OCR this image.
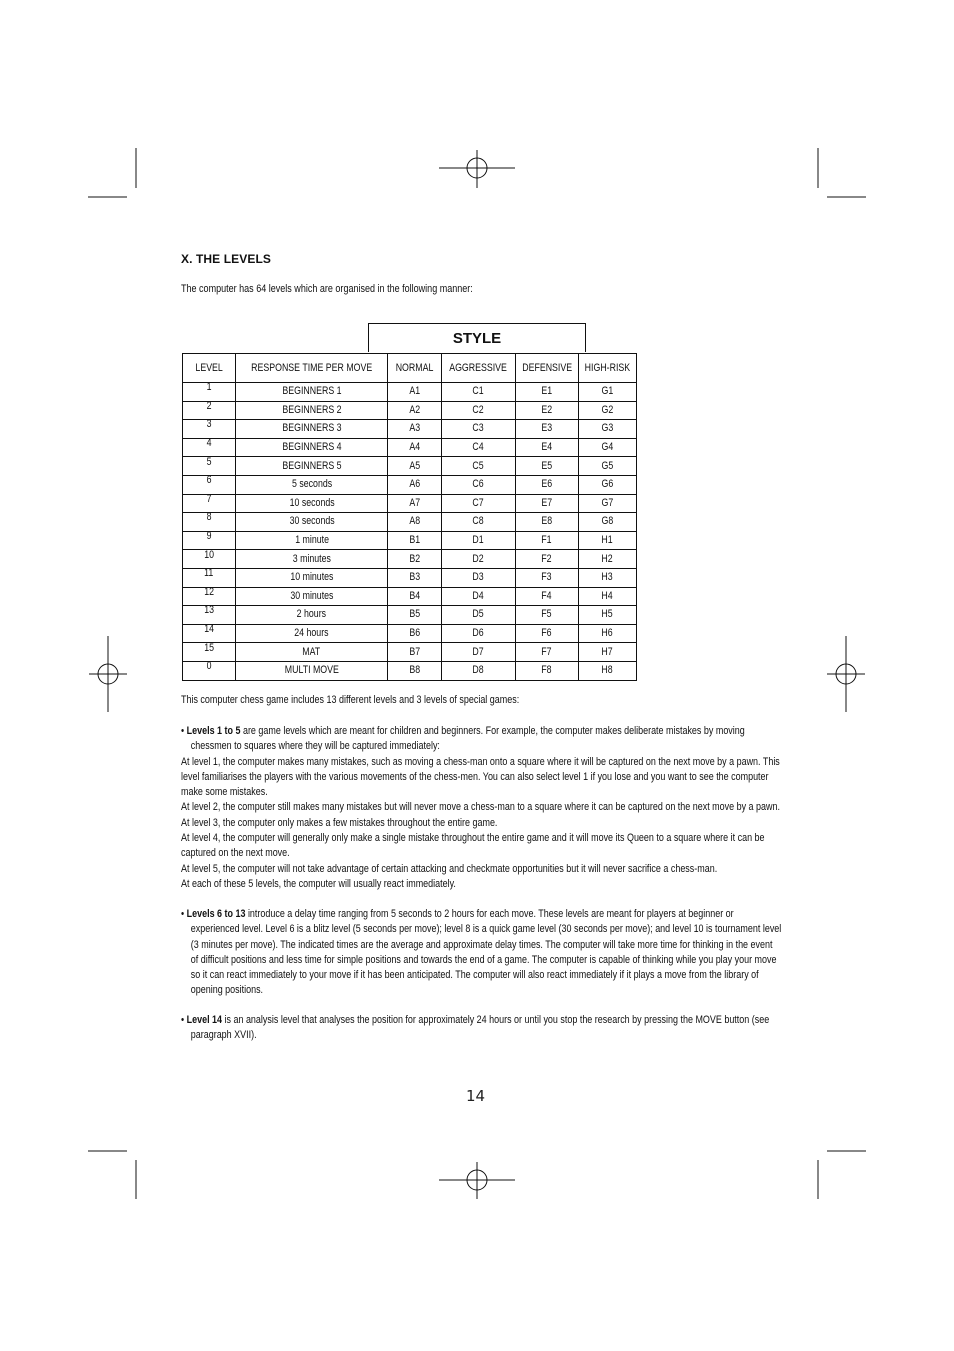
X. THE LEVELS
The computer has 64 levels which are organised in the following manner:
STYLE
LEVEL	RESPONSE TIME PER MOVE	NORMAL	AGGRESSIVE	DEFENSIVE	HIGH-RISK
1	BEGINNERS 1	A1	C1	E1	G1
2	BEGINNERS 2	A2	C2	E2	G2
3	BEGINNERS 3	A3	C3	E3	G3
4	BEGINNERS 4	A4	C4	E4	G4
5	BEGINNERS 5	A5	C5	E5	G5
6	5 seconds	A6	C6	E6	G6
7	10 seconds	A7	C7	E7	G7
8	30 seconds	A8	C8	E8	G8
9	1 minute	B1	D1	F1	H1
10	3 minutes	B2	D2	F2	H2
11	10 minutes	B3	D3	F3	H3
12	30 minutes	B4	D4	F4	H4
13	2 hours	B5	D5	F5	H5
14	24 hours	B6	D6	F6	H6
15	MAT	B7	D7	F7	H7
0	MULTI MOVE	B8	D8	F8	H8

This computer chess game includes 13 different levels and 3 levels of special games:

• Levels 1 to 5 are game levels which are meant for children and beginners. For example, the computer makes deliberate mistakes by moving

chessmen to squares where they will be captured immediately:

At level 1, the computer makes many mistakes, such as moving a chess-man onto a square where it will be captured on the next move by a pawn. This

level familiarises the players with the various movements of the chess-men. You can also select level 1 if you lose and you want to see the computer

make some mistakes.

At level 2, the computer still makes many mistakes but will never move a chess-man to a square where it can be captured on the next move by a pawn.

At level 3, the computer only makes a few mistakes throughout the entire game.

At level 4, the computer will generally only make a single mistake throughout the entire game and it will move its Queen to a square where it can be

captured on the next move.

At level 5, the computer will not take advantage of certain attacking and checkmate opportunities but it will never sacrifice a chess-man.

At each of these 5 levels, the computer will usually react immediately.

• Levels 6 to 13 introduce a delay time ranging from 5 seconds to 2 hours for each move. These levels are meant for players at beginner or

experienced level. Level 6 is a blitz level (5 seconds per move); level 8 is a quick game level (30 seconds per move); and level 10 is tournament level

(3 minutes per move). The indicated times are the average and approximate delay times. The computer will take more time for thinking in the event

of difficult positions and less time for simple positions and towards the end of a game. The computer is capable of thinking while you play your move

so it can react immediately to your move if it has been anticipated. The computer will also react immediately if it plays a move from the library of

opening positions.

• Level 14 is an analysis level that analyses the position for approximately 24 hours or until you stop the research by pressing the MOVE button (see

paragraph XVII).

14
